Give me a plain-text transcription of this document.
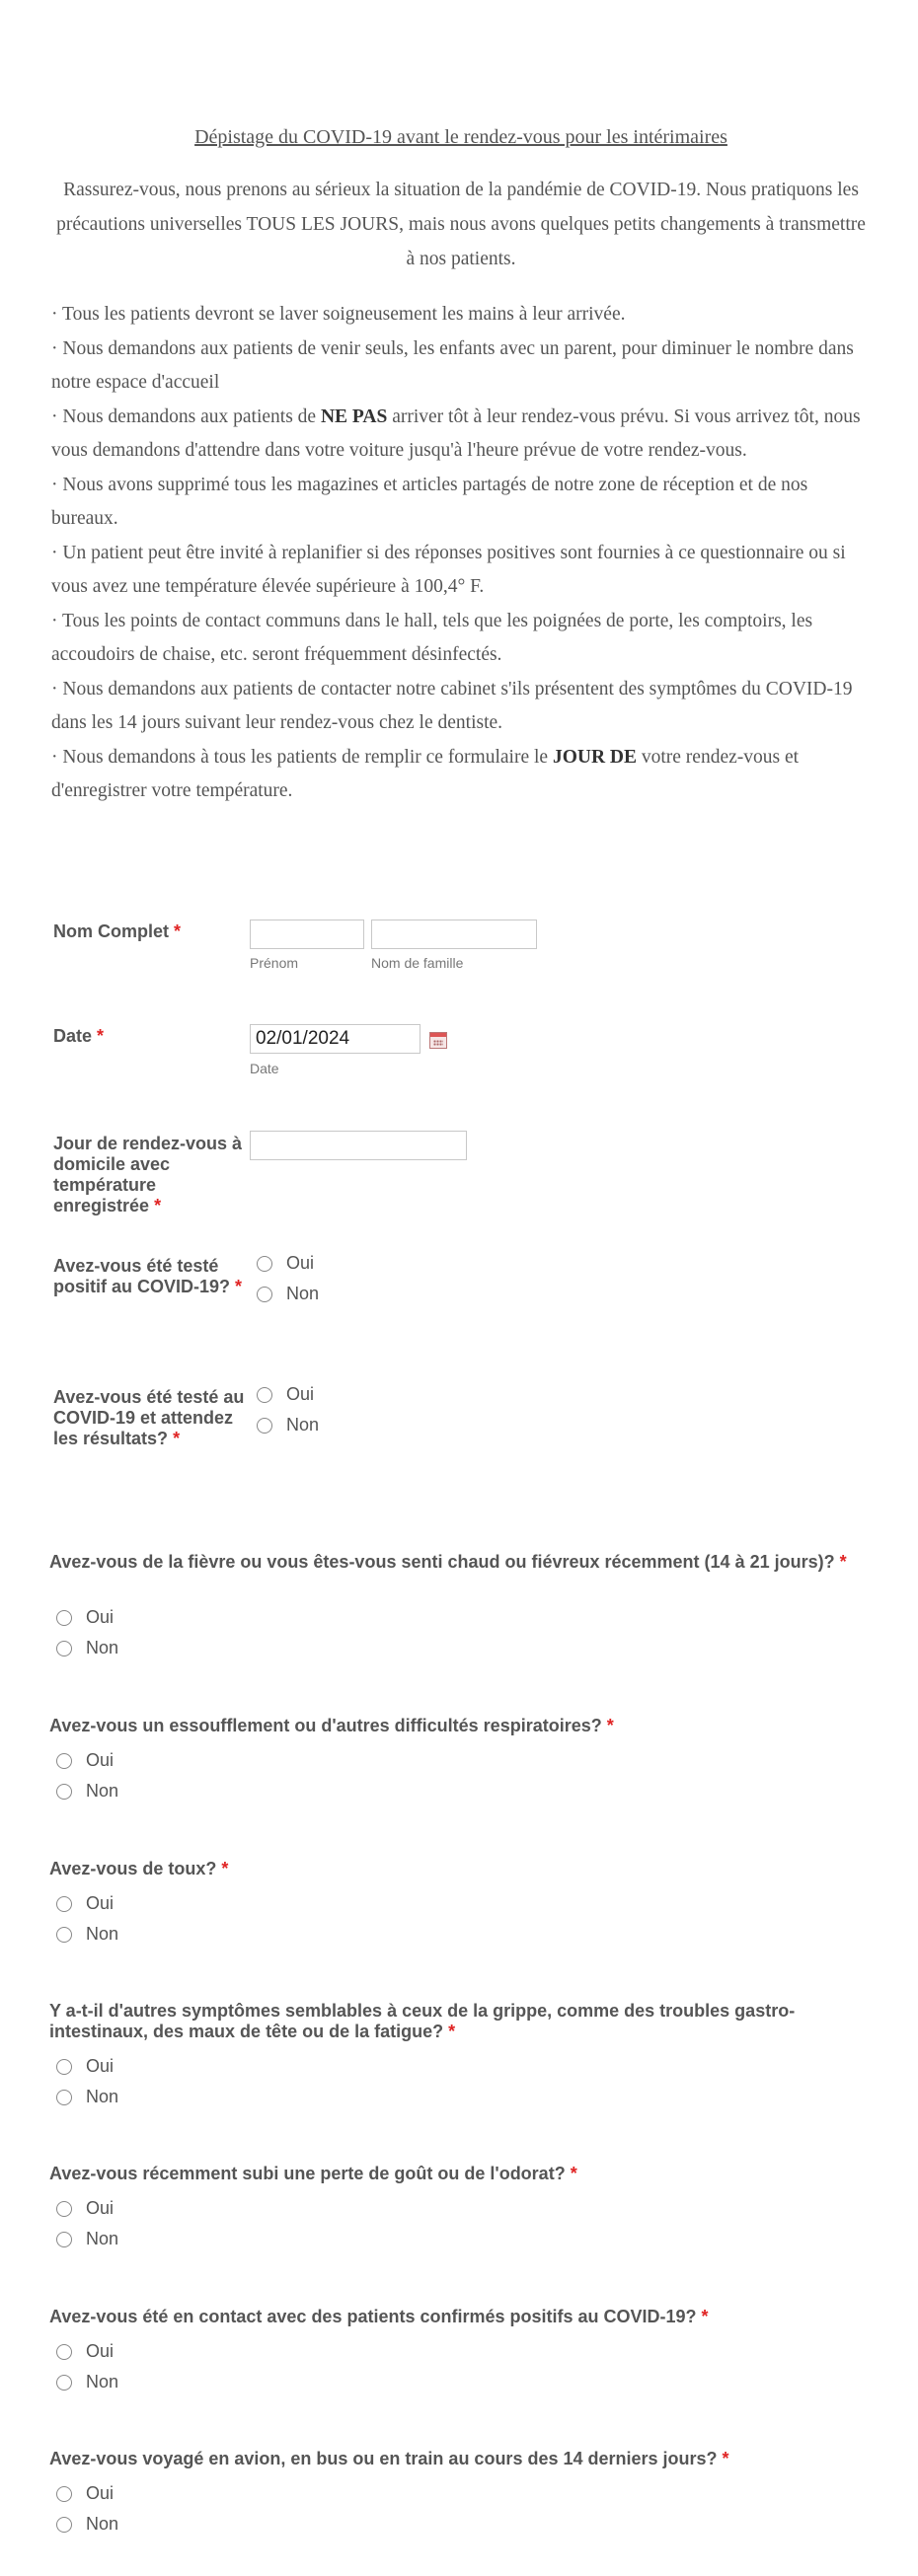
Dépistage du COVID-19 avant le rendez-vous pour les intérimaires

Rassurez-vous, nous prenons au sérieux la situation de la pandémie de COVID-19. Nous pratiquons les précautions universelles TOUS LES JOURS, mais nous avons quelques petits changements à transmettre à nos patients.

· Tous les patients devront se laver soigneusement les mains à leur arrivée.
· Nous demandons aux patients de venir seuls, les enfants avec un parent, pour diminuer le nombre dans notre espace d'accueil
· Nous demandons aux patients de NE PAS arriver tôt à leur rendez-vous prévu. Si vous arrivez tôt, nous vous demandons d'attendre dans votre voiture jusqu'à l'heure prévue de votre rendez-vous.
· Nous avons supprimé tous les magazines et articles partagés de notre zone de réception et de nos bureaux.
· Un patient peut être invité à replanifier si des réponses positives sont fournies à ce questionnaire ou si vous avez une température élevée supérieure à 100,4° F.
· Tous les points de contact communs dans le hall, tels que les poignées de porte, les comptoirs, les accoudoirs de chaise, etc. seront fréquemment désinfectés.
· Nous demandons aux patients de contacter notre cabinet s'ils présentent des symptômes du COVID-19 dans les 14 jours suivant leur rendez-vous chez le dentiste.
· Nous demandons à tous les patients de remplir ce formulaire le JOUR DE votre rendez-vous et d'enregistrer votre température.
Nom Complet *
Prénom	Nom de famille
Date *
02/01/2024
Date
Jour de rendez-vous à domicile avec température enregistrée *
Avez-vous été testé positif au COVID-19? *
Oui
Non
Avez-vous été testé au COVID-19 et attendez les résultats? *
Oui
Non
Avez-vous de la fièvre ou vous êtes-vous senti chaud ou fiévreux récemment (14 à 21 jours)? *
Oui
Non
Avez-vous un essoufflement ou d'autres difficultés respiratoires? *
Oui
Non
Avez-vous de toux? *
Oui
Non
Y a-t-il d'autres symptômes semblables à ceux de la grippe, comme des troubles gastro-intestinaux, des maux de tête ou de la fatigue? *
Oui
Non
Avez-vous récemment subi une perte de goût ou de l'odorat? *
Oui
Non
Avez-vous été en contact avec des patients confirmés positifs au COVID-19? *
Oui
Non
Avez-vous voyagé en avion, en bus ou en train au cours des 14 derniers jours? *
Oui
Non
